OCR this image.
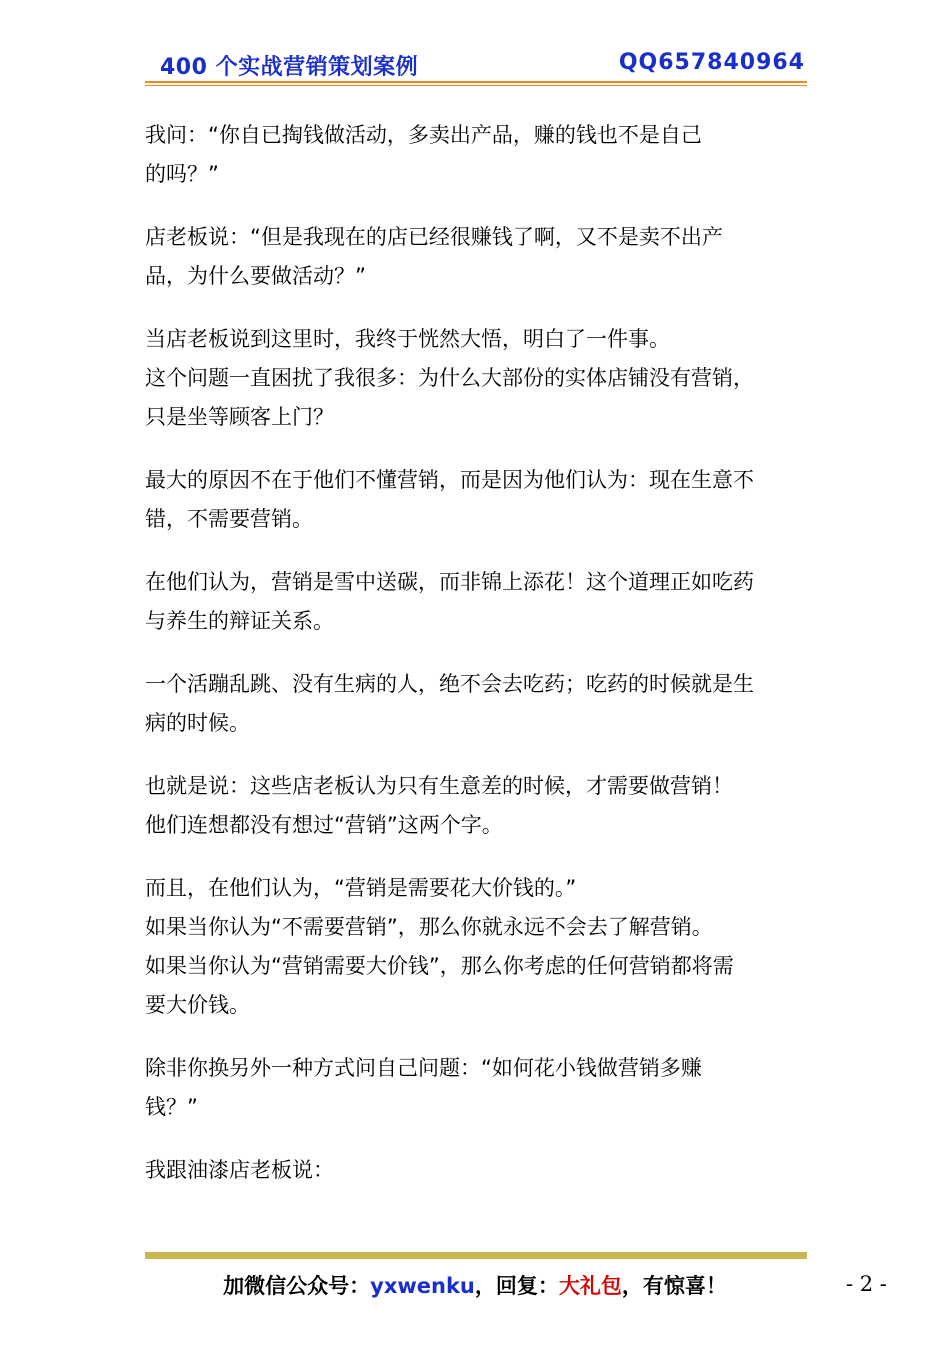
400 个实战营销策划案例	QQ657840964

我问：“你自已掏钱做活动，多卖出产品，赚的钱也不是自己
的吗？”

店老板说：“但是我现在的店已经很赚钱了啊，又不是卖不出产
品，为什么要做活动？”

当店老板说到这里时，我终于恍然大悟，明白了一件事。
这个问题一直困扰了我很多：为什么大部份的实体店铺没有营销，
只是坐等顾客上门？

最大的原因不在于他们不懂营销，而是因为他们认为：现在生意不
错，不需要营销。

在他们认为，营销是雪中送碳，而非锦上添花！这个道理正如吃药
与养生的辩证关系。

一个活蹦乱跳、没有生病的人，绝不会去吃药；吃药的时候就是生
病的时候。

也就是说：这些店老板认为只有生意差的时候，才需要做营销！
他们连想都没有想过“营销”这两个字。

而且，在他们认为，“营销是需要花大价钱的。”
如果当你认为“不需要营销”，那么你就永远不会去了解营销。
如果当你认为“营销需要大价钱”，那么你考虑的任何营销都将需
要大价钱。

除非你换另外一种方式问自己问题：“如何花小钱做营销多赚
钱？”

我跟油漆店老板说：

加微信公众号：yxwenku，回复：大礼包，有惊喜！	- 2 -
